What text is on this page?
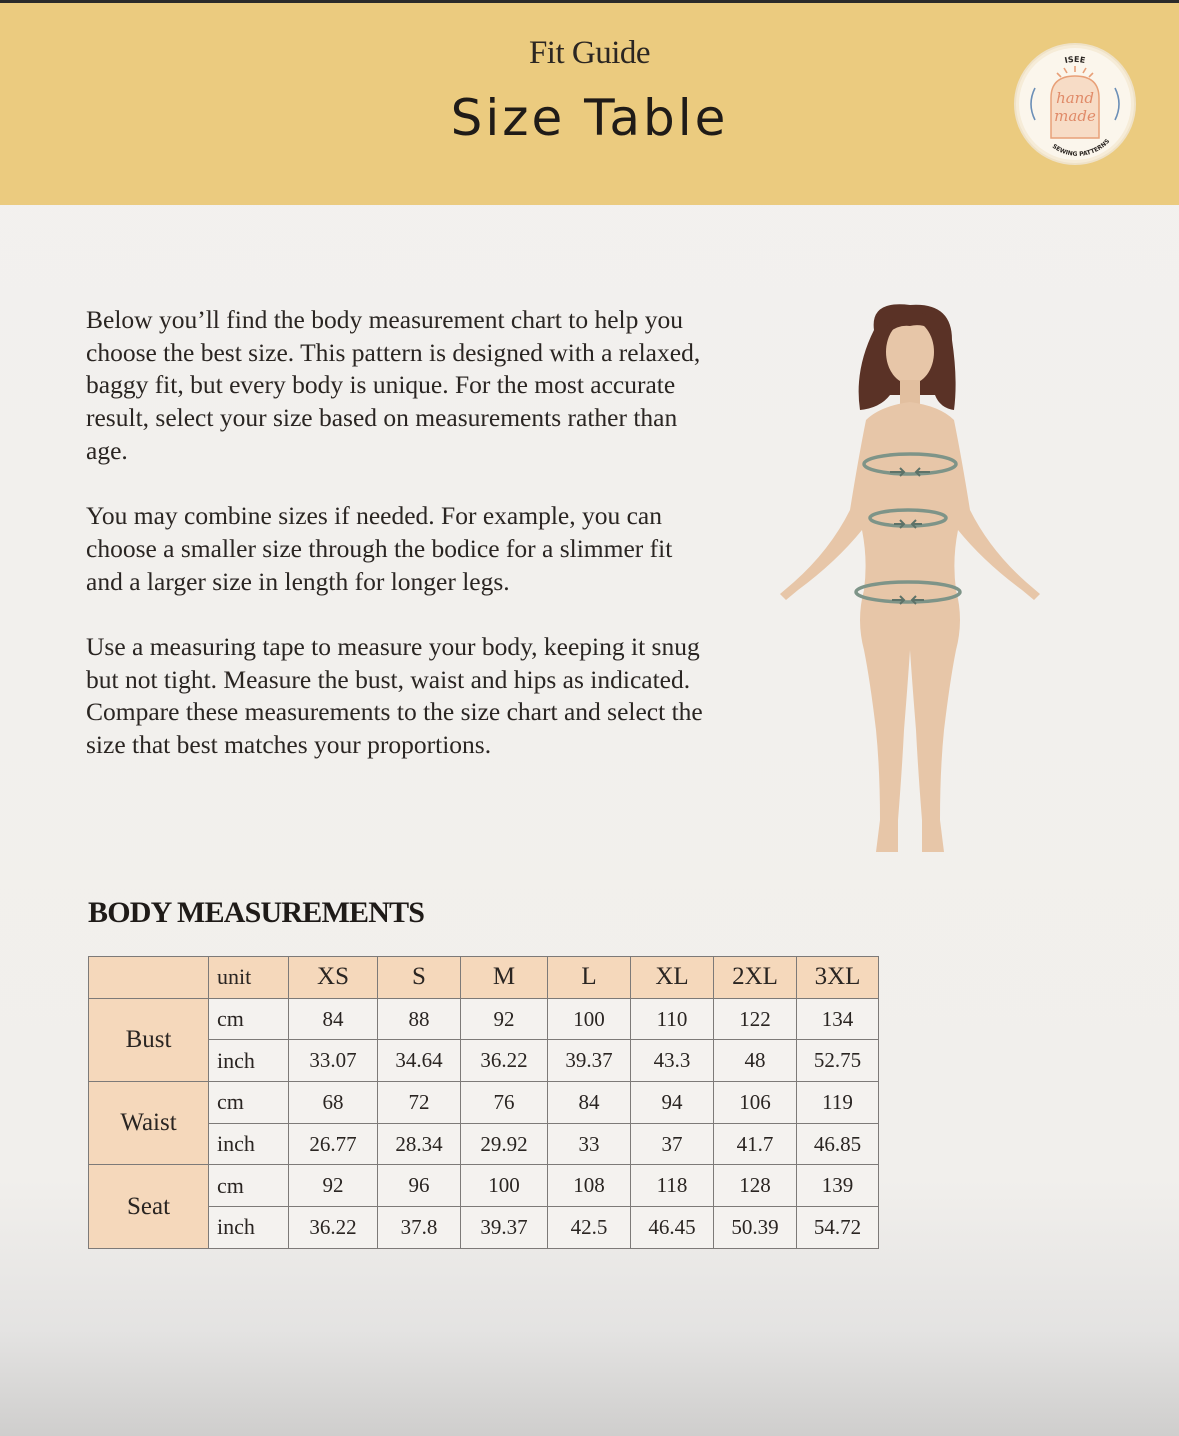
Fit Guide
Size Table
ISEE
SEWING PATTERNS
hand
made

Below you’ll find the body measurement chart to help you choose the best size. This pattern is designed with a relaxed, baggy fit, but every body is unique. For the most accurate result, select your size based on measurements rather than age.

You may combine sizes if needed. For example, you can choose a smaller size through the bodice for a slimmer fit and a larger size in length for longer legs.

Use a measuring tape to measure your body, keeping it snug but not tight. Measure the bust, waist and hips as indicated. Compare these measurements to the size chart and select the size that best matches your proportions.

BODY MEASUREMENTS
	unit	XS	S	M	L	XL	2XL	3XL
Bust	cm	84	88	92	100	110	122	134
	inch	33.07	34.64	36.22	39.37	43.3	48	52.75
Waist	cm	68	72	76	84	94	106	119
	inch	26.77	28.34	29.92	33	37	41.7	46.85
Seat	cm	92	96	100	108	118	128	139
	inch	36.22	37.8	39.37	42.5	46.45	50.39	54.72
